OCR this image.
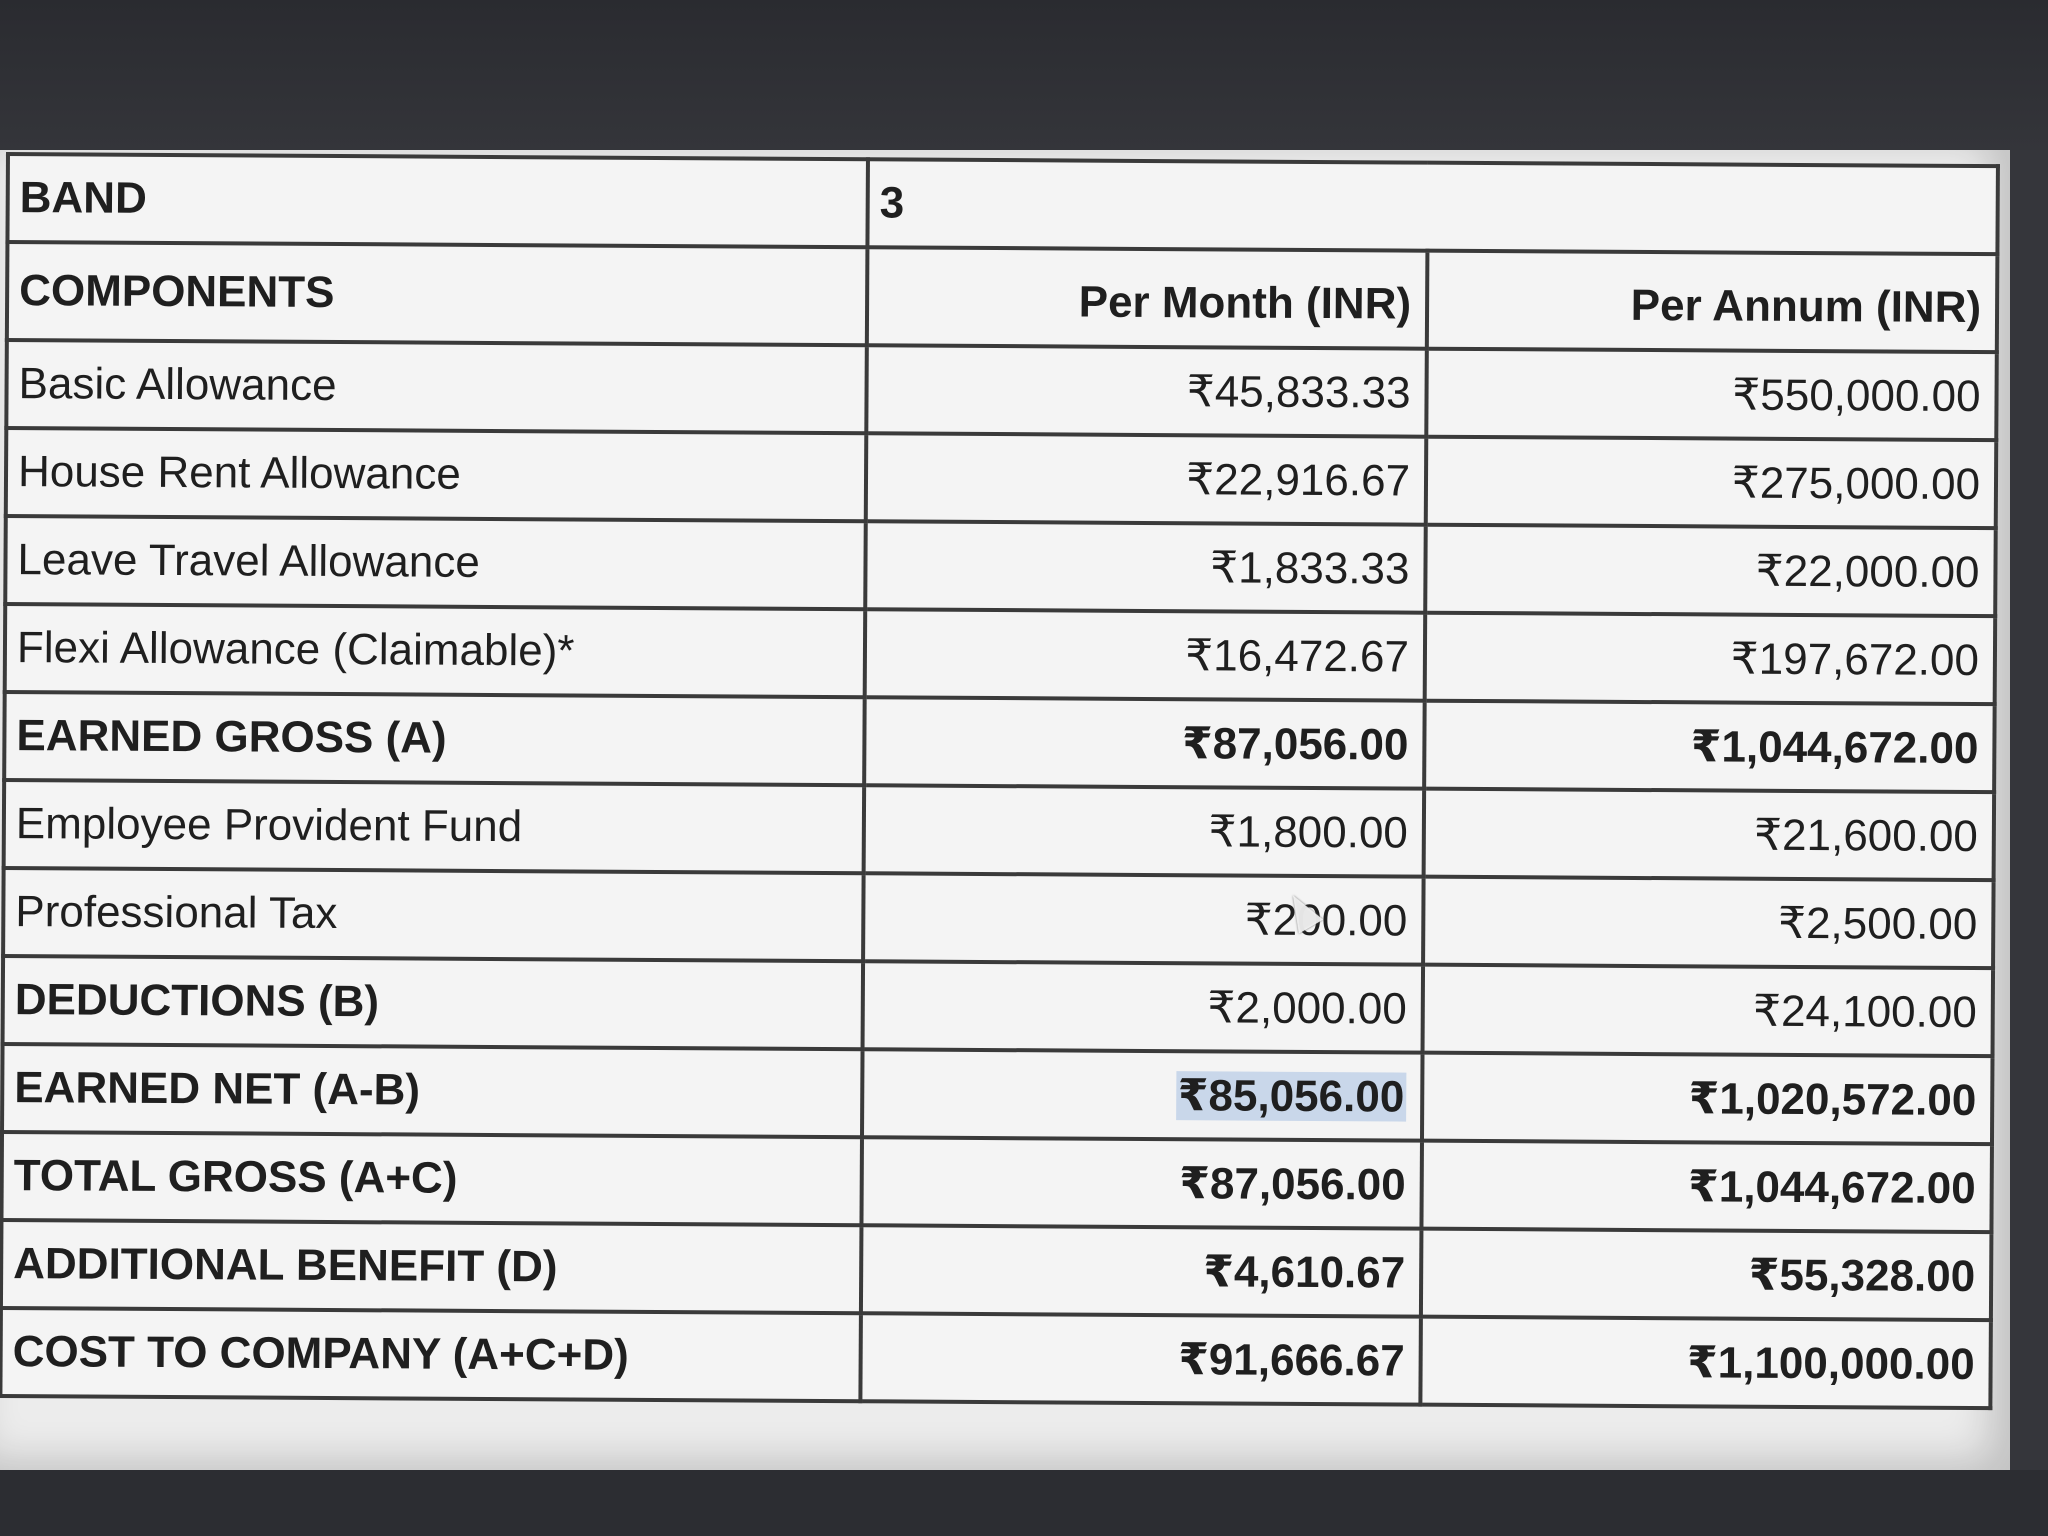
BAND	3	
COMPONENTS	Per Month (INR)	Per Annum (INR)
Basic Allowance	₹45,833.33	₹550,000.00
House Rent Allowance	₹22,916.67	₹275,000.00
Leave Travel Allowance	₹1,833.33	₹22,000.00
Flexi Allowance (Claimable)*	₹16,472.67	₹197,672.00
EARNED GROSS (A)	₹87,056.00	₹1,044,672.00
Employee Provident Fund	₹1,800.00	₹21,600.00
Professional Tax	₹200.00	₹2,500.00
DEDUCTIONS (B)	₹2,000.00	₹24,100.00
EARNED NET (A-B)	₹85,056.00	₹1,020,572.00
TOTAL GROSS (A+C)	₹87,056.00	₹1,044,672.00
ADDITIONAL BENEFIT (D)	₹4,610.67	₹55,328.00
COST TO COMPANY (A+C+D)	₹91,666.67	₹1,100,000.00
